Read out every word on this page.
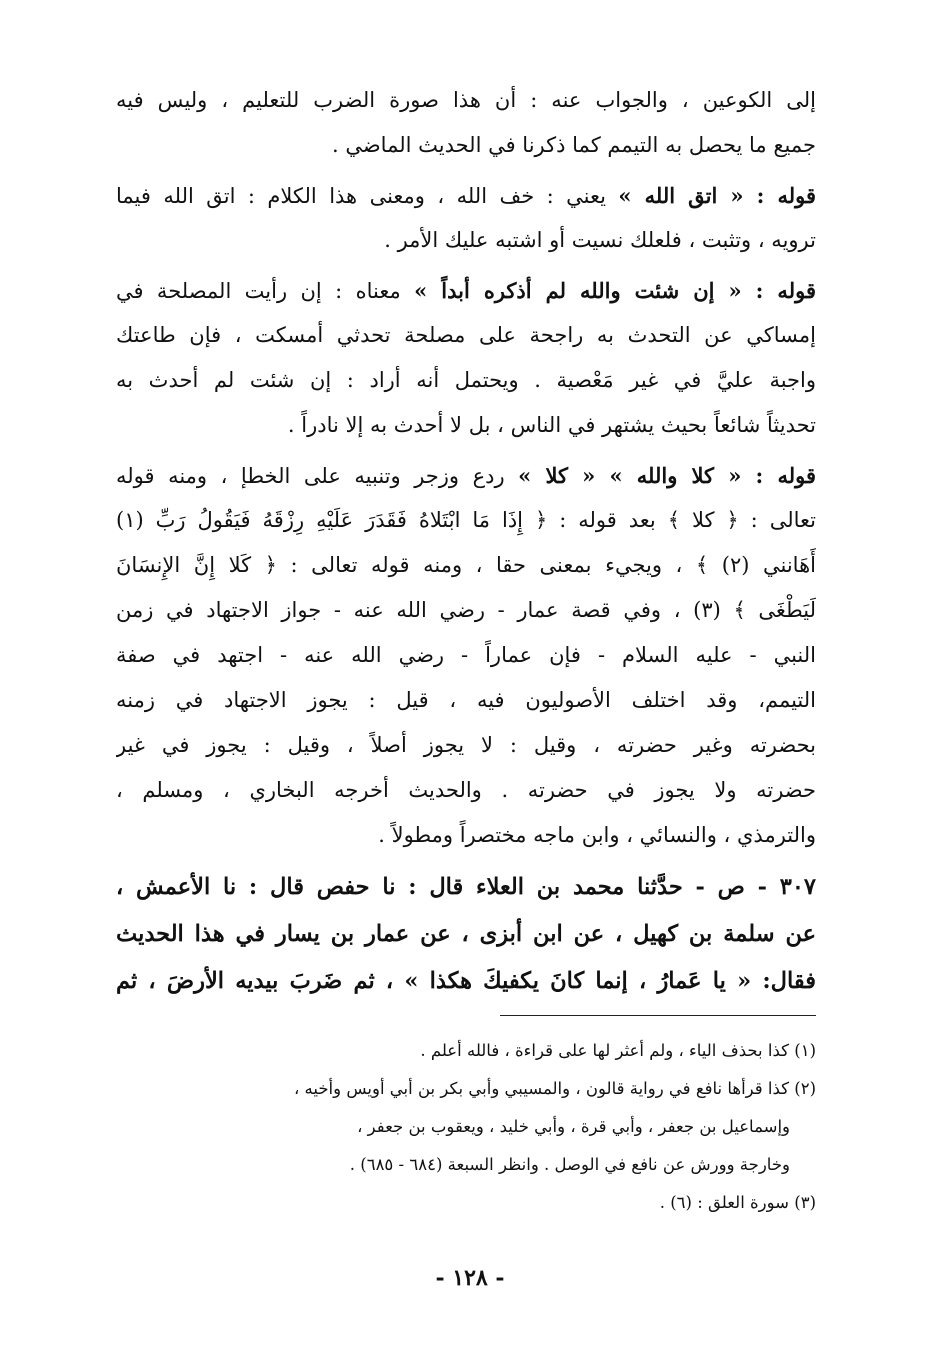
إلى الكوعين ، والجواب عنه : أن هذا صورة الضرب للتعليم ، وليس فيه
جميع ما يحصل به التيمم كما ذكرنا في الحديث الماضي .
قوله : « اتق الله » يعني : خف الله ، ومعنى هذا الكلام : اتق الله فيما
ترويه ، وتثبت ، فلعلك نسيت أو اشتبه عليك الأمر .
قوله : « إن شئت والله لم أذكره أبداً » معناه : إن رأيت المصلحة في
إمساكي عن التحدث به راجحة على مصلحة تحدثي أمسكت ، فإن طاعتك
واجبة عليَّ في غير مَعْصية . ويحتمل أنه أراد : إن شئت لم أحدث به
تحديثاً شائعاً بحيث يشتهر في الناس ، بل لا أحدث به إلا نادراً .
قوله : « كلا والله » « كلا » ردع وزجر وتنبيه على الخطإ ، ومنه قوله
تعالى : ﴿ كلا ﴾ بعد قوله : ﴿ إِذَا مَا ابْتَلاهُ فَقَدَرَ عَلَيْهِ رِزْقَهُ فَيَقُولُ رَبِّ (١)
أَهَانني (٢) ﴾ ، ويجيء بمعنى حقا ، ومنه قوله تعالى : ﴿ كَلا إِنَّ الإِنسَانَ
لَيَطْغَى ﴾ (٣) ، وفي قصة عمار - رضي الله عنه - جواز الاجتهاد في زمن
النبي - عليه السلام - فإن عماراً - رضي الله عنه - اجتهد في صفة
التيمم، وقد اختلف الأصوليون فيه ، قيل : يجوز الاجتهاد في زمنه
بحضرته وغير حضرته ، وقيل : لا يجوز أصلاً ، وقيل : يجوز في غير
حضرته ولا يجوز في حضرته . والحديث أخرجه البخاري ، ومسلم ،
والترمذي ، والنسائي ، وابن ماجه مختصراً ومطولاً .
٣٠٧ - ص - حدَّثنا محمد بن العلاء قال : نا حفص قال : نا الأعمش ،
عن سلمة بن كهيل ، عن ابن أبزى ، عن عمار بن يسار في هذا الحديث
فقال: « يا عَمارُ ، إنما كانَ يكفيكَ هكذا » ، ثم ضَربَ بيديه الأرضَ ، ثم
(١) كذا بحذف الياء ، ولم أعثر لها على قراءة ، فالله أعلم .
(٢) كذا قرأها نافع في رواية قالون ، والمسيبي وأبي بكر بن أبي أويس وأخيه ،
وإسماعيل بن جعفر ، وأبي قرة ، وأبي خليد ، ويعقوب بن جعفر ،
وخارجة وورش عن نافع في الوصل . وانظر السبعة (٦٨٤ - ٦٨٥) .
(٣) سورة العلق : (٦) .
- ١٢٨ -
